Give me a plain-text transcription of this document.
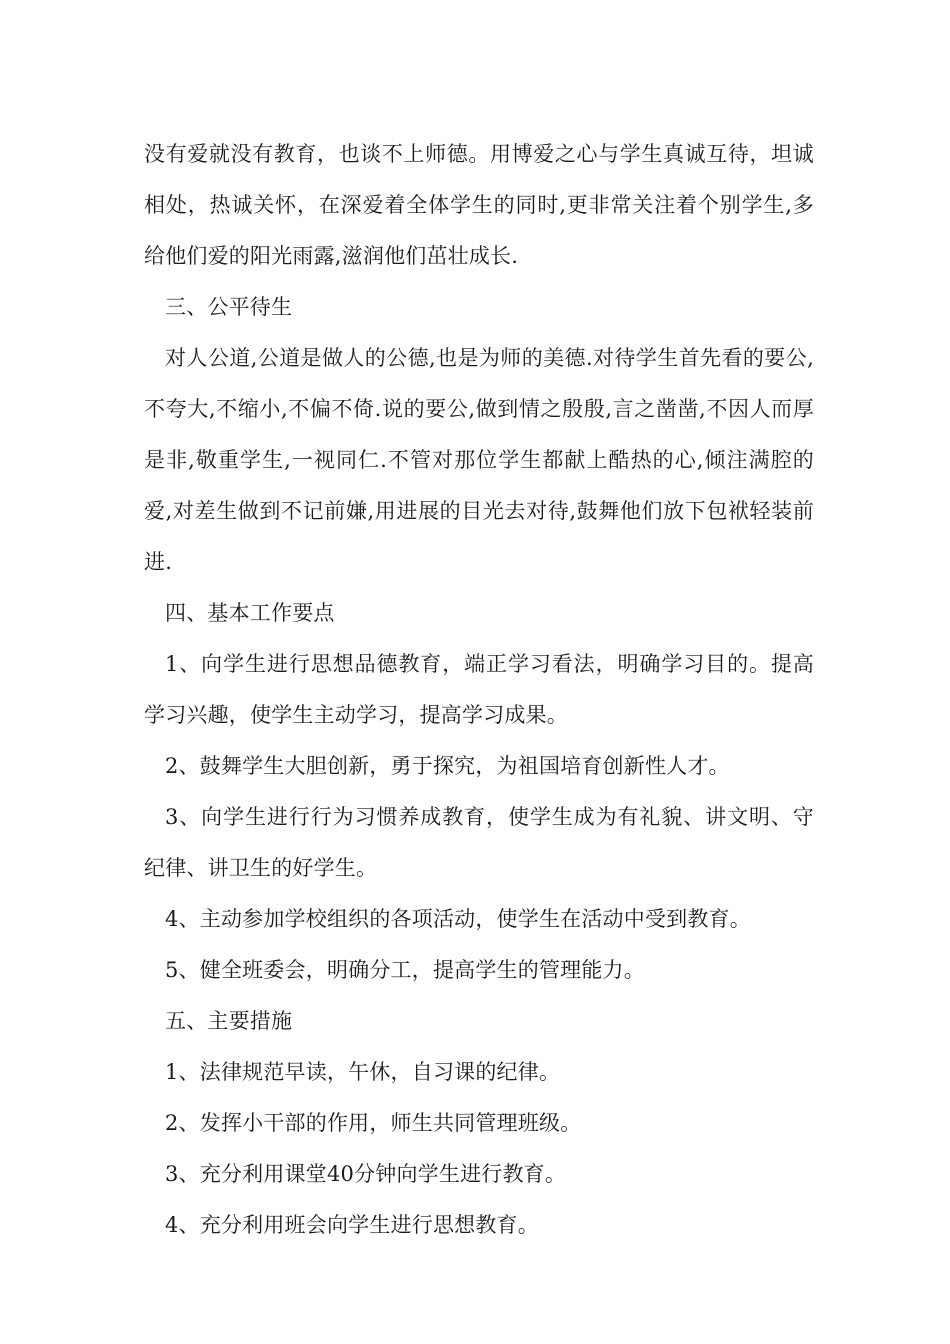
没有爱就没有教育，也谈不上师德。用博爱之心与学生真诚互待，坦诚相处，热诚关怀，在深爱着全体学生的同时,更非常关注着个别学生,多给他们爱的阳光雨露,滋润他们茁壮成长.

三、公平待生

对人公道,公道是做人的公德,也是为师的美德.对待学生首先看的要公,不夸大,不缩小,不偏不倚.说的要公,做到情之殷殷,言之凿凿,不因人而厚是非,敬重学生,一视同仁.不管对那位学生都献上酷热的心,倾注满腔的爱,对差生做到不记前嫌,用进展的目光去对待,鼓舞他们放下包袱轻装前进.

四、基本工作要点

1、向学生进行思想品德教育，端正学习看法，明确学习目的。提高学习兴趣，使学生主动学习，提高学习成果。

2、鼓舞学生大胆创新，勇于探究，为祖国培育创新性人才。

3、向学生进行行为习惯养成教育，使学生成为有礼貌、讲文明、守纪律、讲卫生的好学生。

4、主动参加学校组织的各项活动，使学生在活动中受到教育。

5、健全班委会，明确分工，提高学生的管理能力。

五、主要措施

1、法律规范早读，午休，自习课的纪律。

2、发挥小干部的作用，师生共同管理班级。

3、充分利用课堂40分钟向学生进行教育。

4、充分利用班会向学生进行思想教育。
